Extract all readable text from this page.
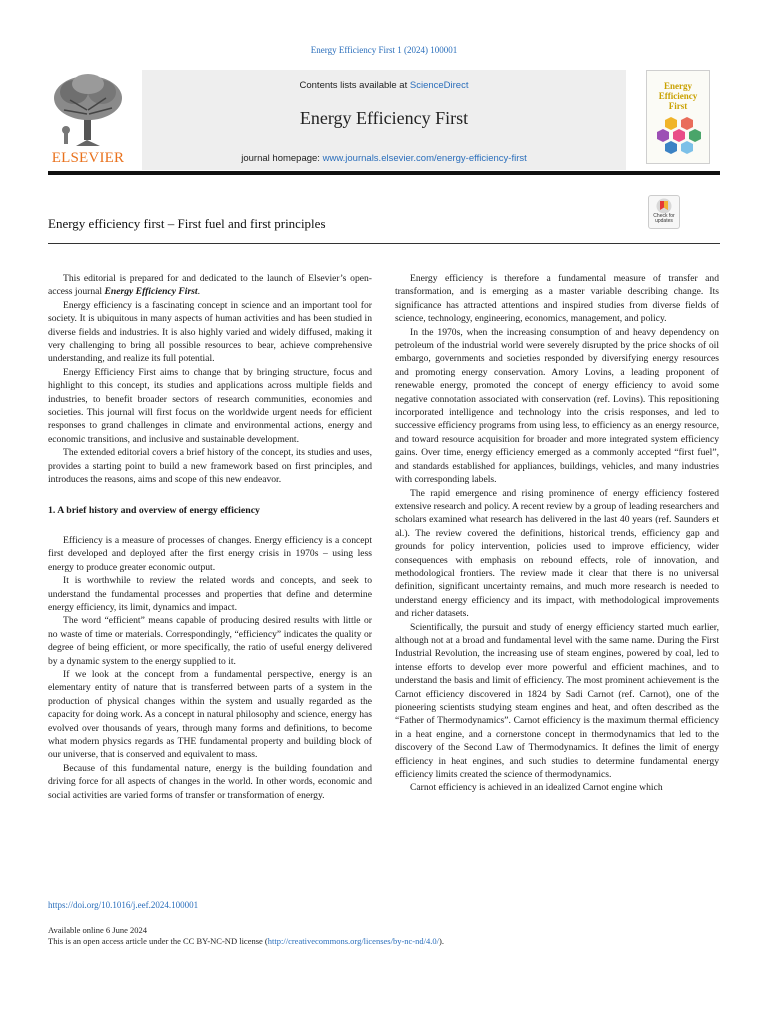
Energy Efficiency First 1 (2024) 100001
ELSEVIER
Contents lists available at ScienceDirect
Energy Efficiency First
journal homepage: www.journals.elsevier.com/energy-efficiency-first
Energy
Efficiency
First
Energy efficiency first – First fuel and first principles	Check for
updates

This editorial is prepared for and dedicated to the launch of Elsevier’s open-access journal Energy Efficiency First.

Energy efficiency is a fascinating concept in science and an important tool for society. It is ubiquitous in many aspects of human activities and has been studied in diverse fields and industries. It is also highly varied and widely diffused, making it very challenging to bring all possible resources to bear, achieve comprehensive understanding, and realize its full potential.

Energy Efficiency First aims to change that by bringing structure, focus and highlight to this concept, its studies and applications across multiple fields and industries, to benefit broader sectors of research communities, economies and societies. This journal will first focus on the worldwide urgent needs for efficient responses to grand challenges in climate and environmental actions, energy and economic transitions, and inclusive and sustainable development.

The extended editorial covers a brief history of the concept, its studies and uses, provides a starting point to build a new framework based on first principles, and introduces the reasons, aims and scope of this new endeavor.

1. A brief history and overview of energy efficiency

Efficiency is a measure of processes of changes. Energy efficiency is a concept first developed and deployed after the first energy crisis in 1970s – using less energy to produce greater economic output.

It is worthwhile to review the related words and concepts, and seek to understand the fundamental processes and properties that define and determine energy efficiency, its limit, dynamics and impact.

The word “efficient” means capable of producing desired results with little or no waste of time or materials. Correspondingly, “efficiency” indicates the quality or degree of being efficient, or more specifically, the ratio of useful energy delivered by a dynamic system to the energy supplied to it.

If we look at the concept from a fundamental perspective, energy is an elementary entity of nature that is transferred between parts of a system in the production of physical changes within the system and usually regarded as the capacity for doing work. As a concept in natural philosophy and science, energy has evolved over thousands of years, through many forms and definitions, to become what modern physics regards as THE fundamental property and building block of our universe, that is conserved and equivalent to mass.

Because of this fundamental nature, energy is the building foundation and driving force for all aspects of changes in the world. In other words, economic and social activities are varied forms of transfer or transformation of energy.

Energy efficiency is therefore a fundamental measure of transfer and transformation, and is emerging as a master variable describing change. Its significance has attracted attentions and inspired studies from diverse fields of science, technology, engineering, economics, management, and policy.

In the 1970s, when the increasing consumption of and heavy dependency on petroleum of the industrial world were severely disrupted by the price shocks of oil embargo, governments and societies responded by diversifying energy resources and promoting energy conservation. Amory Lovins, a leading proponent of renewable energy, promoted the concept of energy efficiency to avoid some negative connotation associated with conservation (ref. Lovins). This repositioning incorporated intelligence and technology into the crisis responses, and led to successive efficiency programs from using less, to efficiency as an energy resource, and toward resource acquisition for broader and more integrated system efficiency gains. Over time, energy efficiency emerged as a commonly accepted “first fuel”, and standards established for appliances, buildings, vehicles, and many industries with corresponding labels.

The rapid emergence and rising prominence of energy efficiency fostered extensive research and policy. A recent review by a group of leading researchers and scholars examined what research has delivered in the last 40 years (ref. Saunders et al.). The review covered the definitions, historical trends, efficiency gap and grounds for policy intervention, policies used to improve efficiency, wider consequences with emphasis on rebound effects, role of innovation, and methodological frontiers. The review made it clear that there is no universal definition, significant uncertainty remains, and much more research is needed to understand energy efficiency and its impact, with methodological improvements and richer datasets.

Scientifically, the pursuit and study of energy efficiency started much earlier, although not at a broad and fundamental level with the same name. During the First Industrial Revolution, the increasing use of steam engines, powered by coal, led to intense efforts to develop ever more powerful and efficient machines, and to understand the basis and limit of efficiency. The most prominent achievement is the Carnot efficiency discovered in 1824 by Sadi Carnot (ref. Carnot), one of the pioneering scientists studying steam engines and heat, and often described as the “Father of Thermodynamics”. Carnot efficiency is the maximum thermal efficiency in a heat engine, and a cornerstone concept in thermodynamics that led to the discovery of the Second Law of Thermodynamics. It defines the limit of energy efficiency in heat engines, and such studies to determine fundamental energy efficiency limits created the science of thermodynamics.

Carnot efficiency is achieved in an idealized Carnot engine which

https://doi.org/10.1016/j.eef.2024.100001
Available online 6 June 2024
This is an open access article under the CC BY-NC-ND license (http://creativecommons.org/licenses/by-nc-nd/4.0/).
